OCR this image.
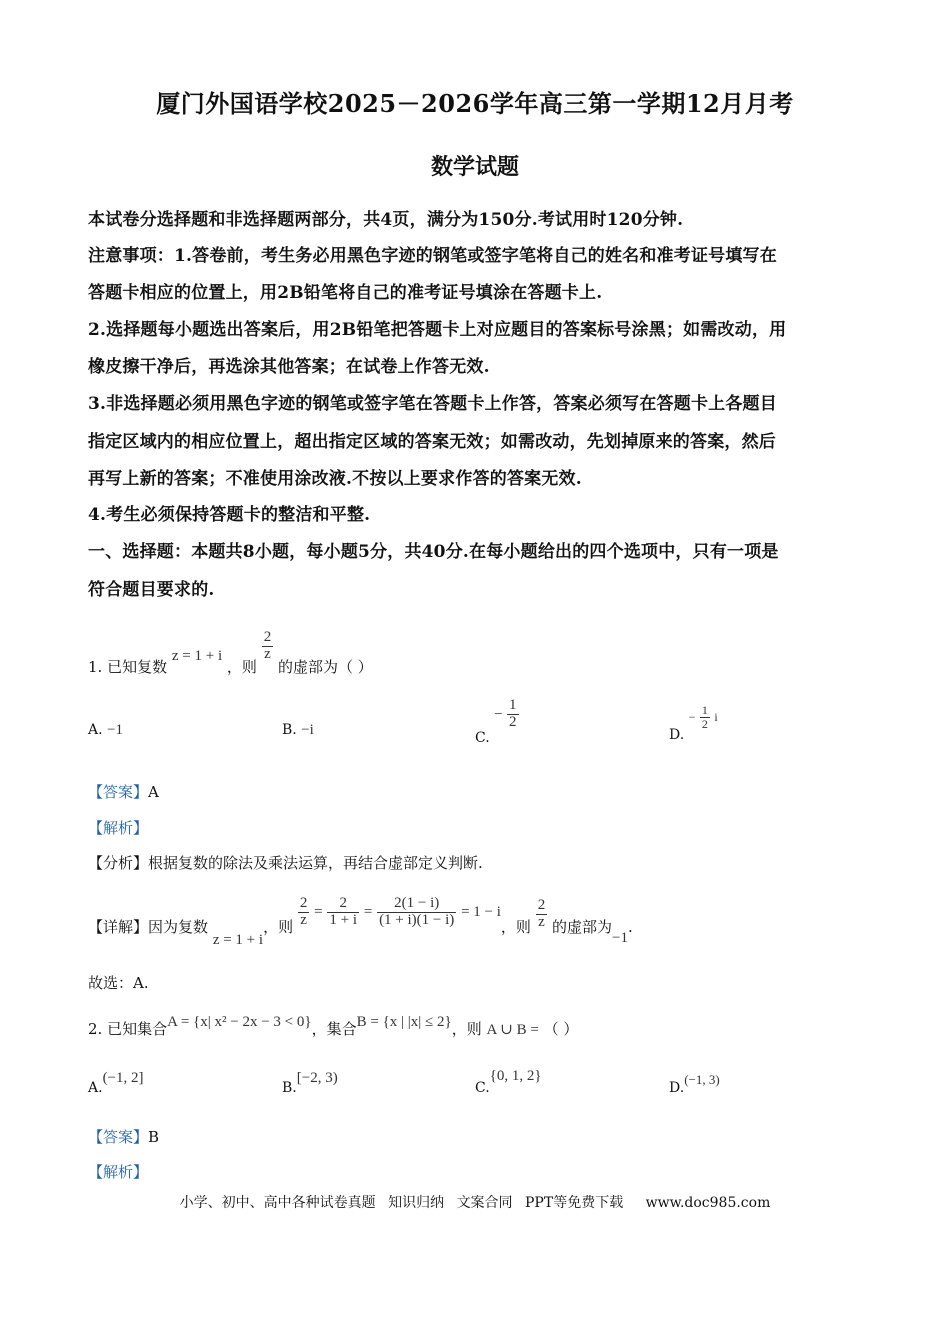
厦门外国语学校2025－2026学年高三第一学期12月月考
数学试题
本试卷分选择题和非选择题两部分，共4页，满分为150分.考试用时120分钟.
注意事项：1.答卷前，考生务必用黑色字迹的钢笔或签字笔将自己的姓名和准考证号填写在
答题卡相应的位置上，用2B铅笔将自己的准考证号填涂在答题卡上.
2.选择题每小题选出答案后，用2B铅笔把答题卡上对应题目的答案标号涂黑；如需改动，用
橡皮擦干净后，再选涂其他答案；在试卷上作答无效.
3.非选择题必须用黑色字迹的钢笔或签字笔在答题卡上作答，答案必须写在答题卡上各题目
指定区域内的相应位置上，超出指定区域的答案无效；如需改动，先划掉原来的答案，然后
再写上新的答案；不准使用涂改液.不按以上要求作答的答案无效.
4.考生必须保持答题卡的整洁和平整.
一、选择题：本题共8小题，每小题5分，共40分.在每小题给出的四个选项中，只有一项是
符合题目要求的.
1. 已知复数 z = 1 + i ，则
$\frac{2}{z}$
的虚部为（ ）
A. −1	B. −i
C. − $\frac{1}{2}$
D. − $\frac{1}{2}$ i
【答案】A
【解析】
【分析】根据复数的除法及乘法运算，再结合虚部定义判断.
【详解】因为复数 z = 1 + i，则 $\frac{2}{z} = \frac{2}{1 + i} = \frac{2(1 - i)}{(1 + i)(1 - i)} = 1 - i$，则 $\frac{2}{z}$ 的虚部为−1.
故选：A.
2. 已知集合A = {x| x² − 2x − 3 < 0}，集合B = {x | |x| ≤ 2}，则 A ∪ B = （ ）
A.(−1, 2]
B.[−2, 3)
C.{0, 1, 2}
D.(−1, 3)
【答案】B
【解析】
小学、初中、高中各种试卷真题 知识归纳 文案合同 PPT等免费下载 www.doc985.com
